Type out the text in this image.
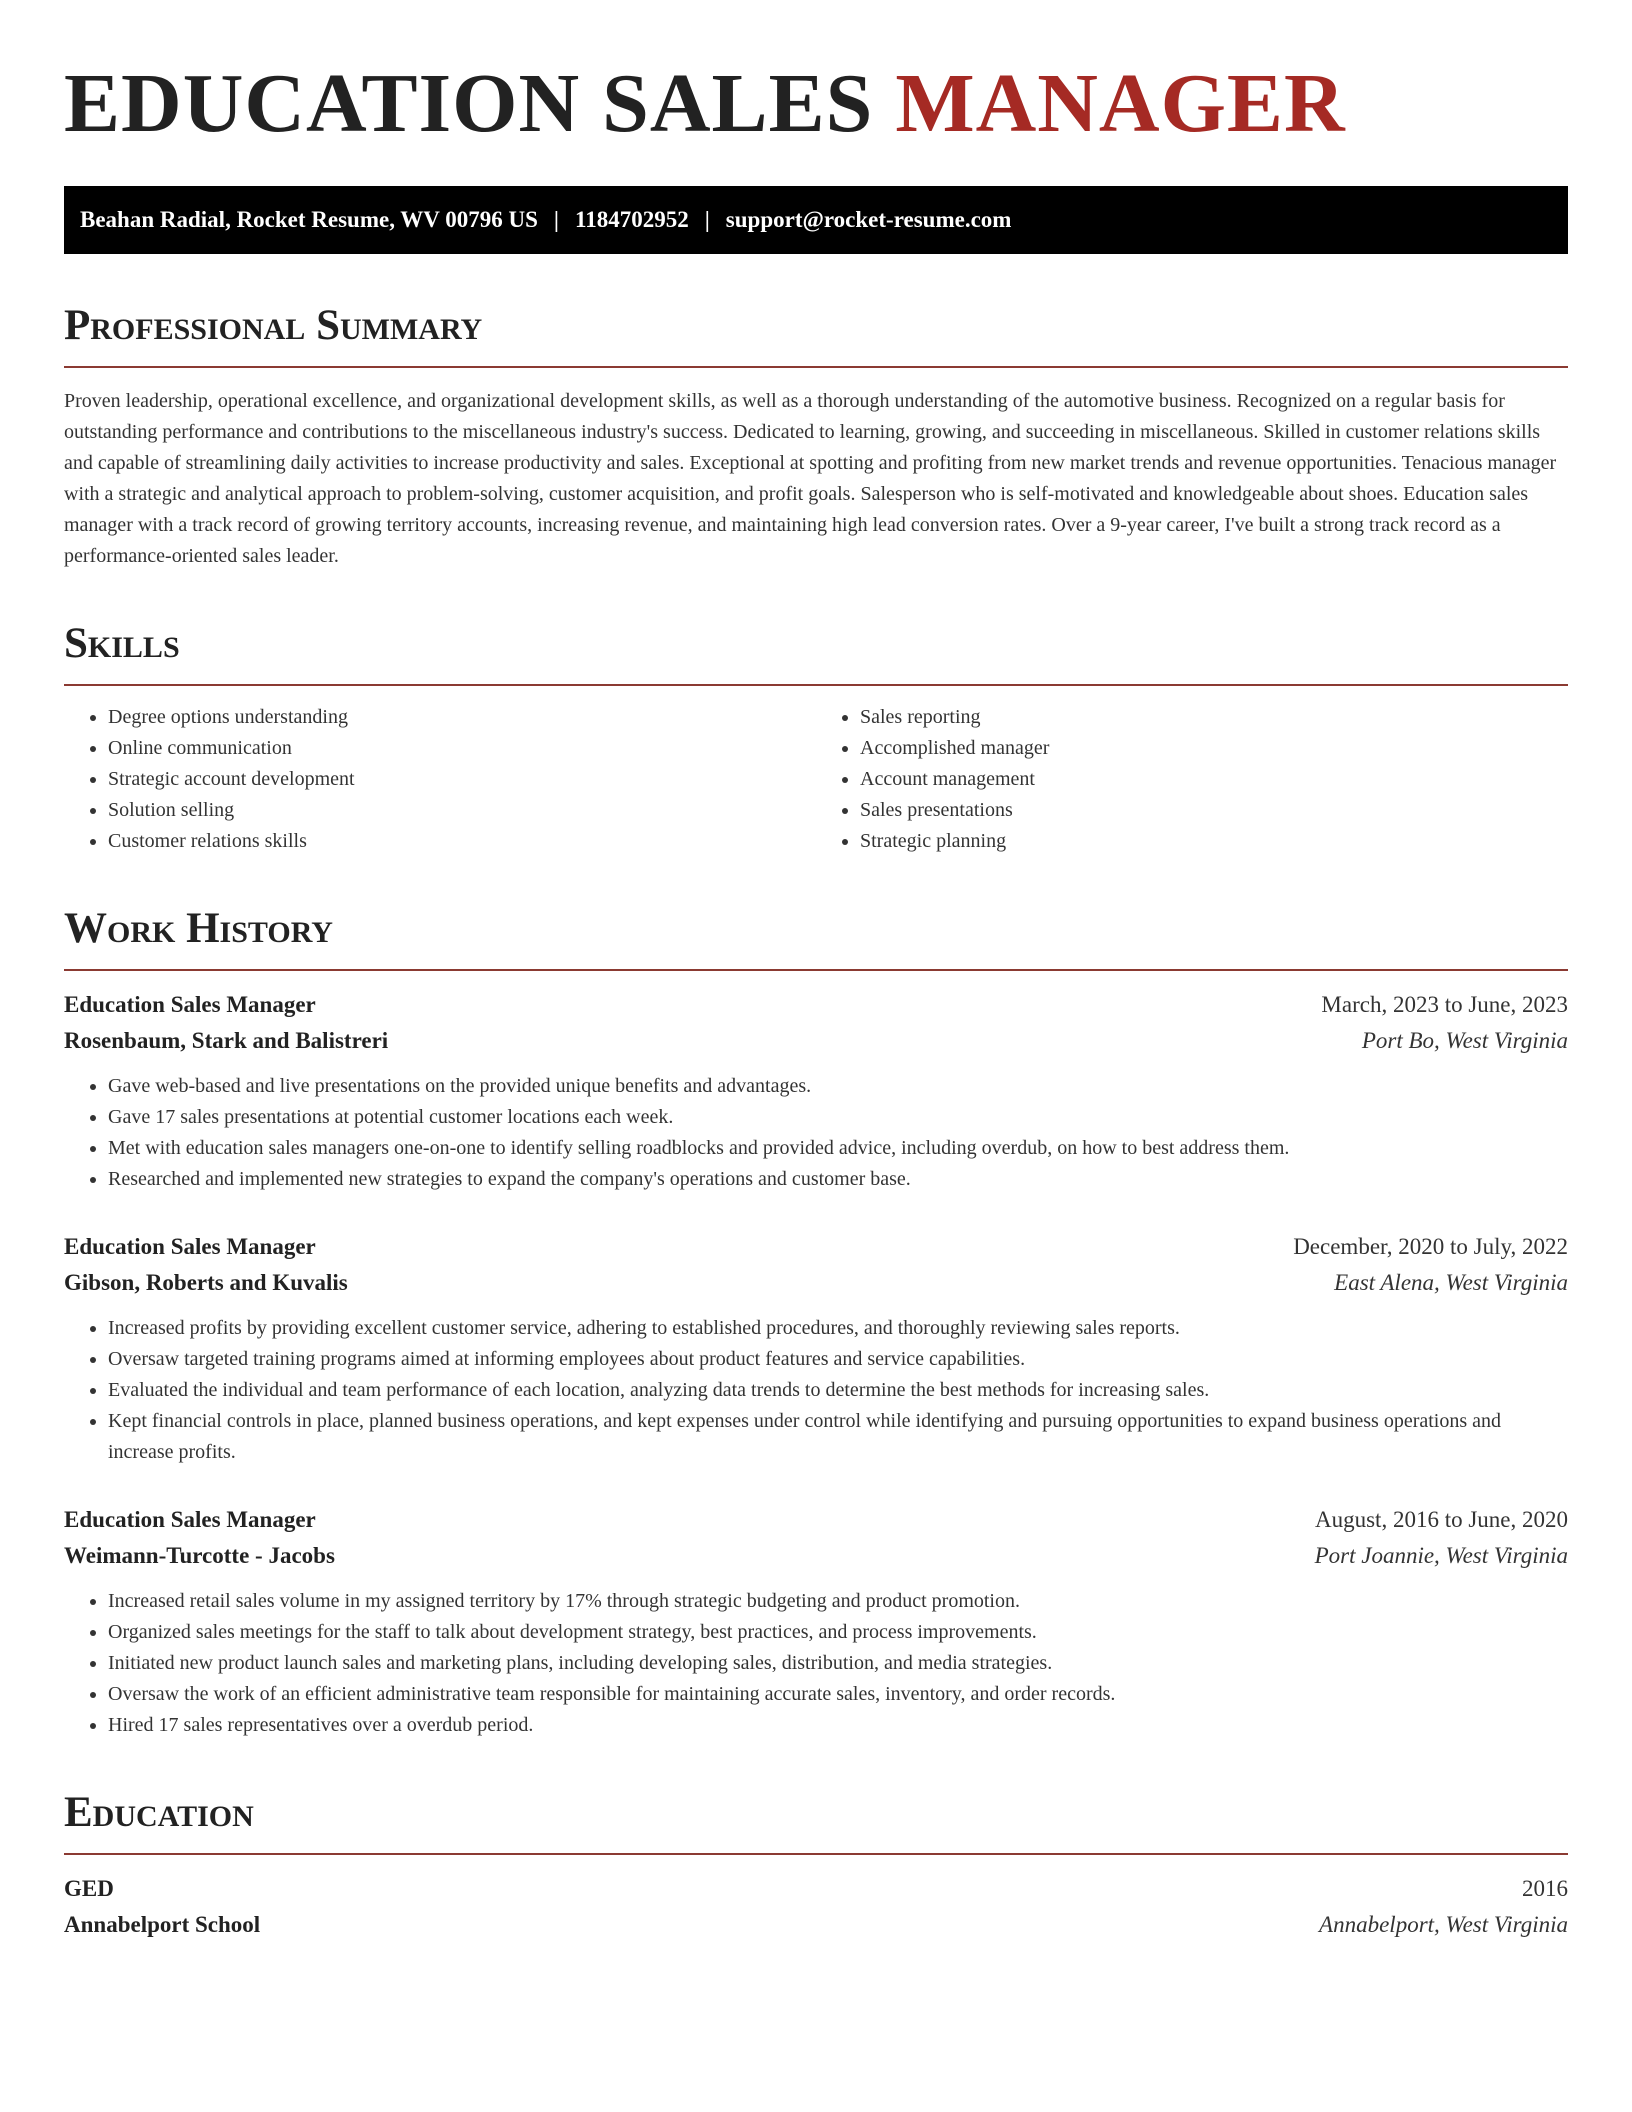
EDUCATION SALES MANAGER
Beahan Radial, Rocket Resume, WV 00796 US | 1184702952 | support@rocket-resume.com
Professional Summary

Proven leadership, operational excellence, and organizational development skills, as well as a thorough understanding of the automotive business. Recognized on a regular basis for outstanding performance and contributions to the miscellaneous industry's success. Dedicated to learning, growing, and succeeding in miscellaneous. Skilled in customer relations skills and capable of streamlining daily activities to increase productivity and sales. Exceptional at spotting and profiting from new market trends and revenue opportunities. Tenacious manager with a strategic and analytical approach to problem-solving, customer acquisition, and profit goals. Salesperson who is self-motivated and knowledgeable about shoes. Education sales manager with a track record of growing territory accounts, increasing revenue, and maintaining high lead conversion rates. Over a 9-year career, I've built a strong track record as a performance-oriented sales leader.

Skills
• Degree options understanding
• Online communication
• Strategic account development
• Solution selling
• Customer relations skills
• Sales reporting
• Accomplished manager
• Account management
• Sales presentations
• Strategic planning
Work History
Education Sales Manager	March, 2023 to June, 2023
Rosenbaum, Stark and Balistreri	Port Bo, West Virginia
• Gave web-based and live presentations on the provided unique benefits and advantages.
• Gave 17 sales presentations at potential customer locations each week.
• Met with education sales managers one-on-one to identify selling roadblocks and provided advice, including overdub, on how to best address them.
• Researched and implemented new strategies to expand the company's operations and customer base.
Education Sales Manager	December, 2020 to July, 2022
Gibson, Roberts and Kuvalis	East Alena, West Virginia
• Increased profits by providing excellent customer service, adhering to established procedures, and thoroughly reviewing sales reports.
• Oversaw targeted training programs aimed at informing employees about product features and service capabilities.
• Evaluated the individual and team performance of each location, analyzing data trends to determine the best methods for increasing sales.
• Kept financial controls in place, planned business operations, and kept expenses under control while identifying and pursuing opportunities to expand business operations and increase profits.
Education Sales Manager	August, 2016 to June, 2020
Weimann-Turcotte - Jacobs	Port Joannie, West Virginia
• Increased retail sales volume in my assigned territory by 17% through strategic budgeting and product promotion.
• Organized sales meetings for the staff to talk about development strategy, best practices, and process improvements.
• Initiated new product launch sales and marketing plans, including developing sales, distribution, and media strategies.
• Oversaw the work of an efficient administrative team responsible for maintaining accurate sales, inventory, and order records.
• Hired 17 sales representatives over a overdub period.
Education
GED	2016
Annabelport School	Annabelport, West Virginia
